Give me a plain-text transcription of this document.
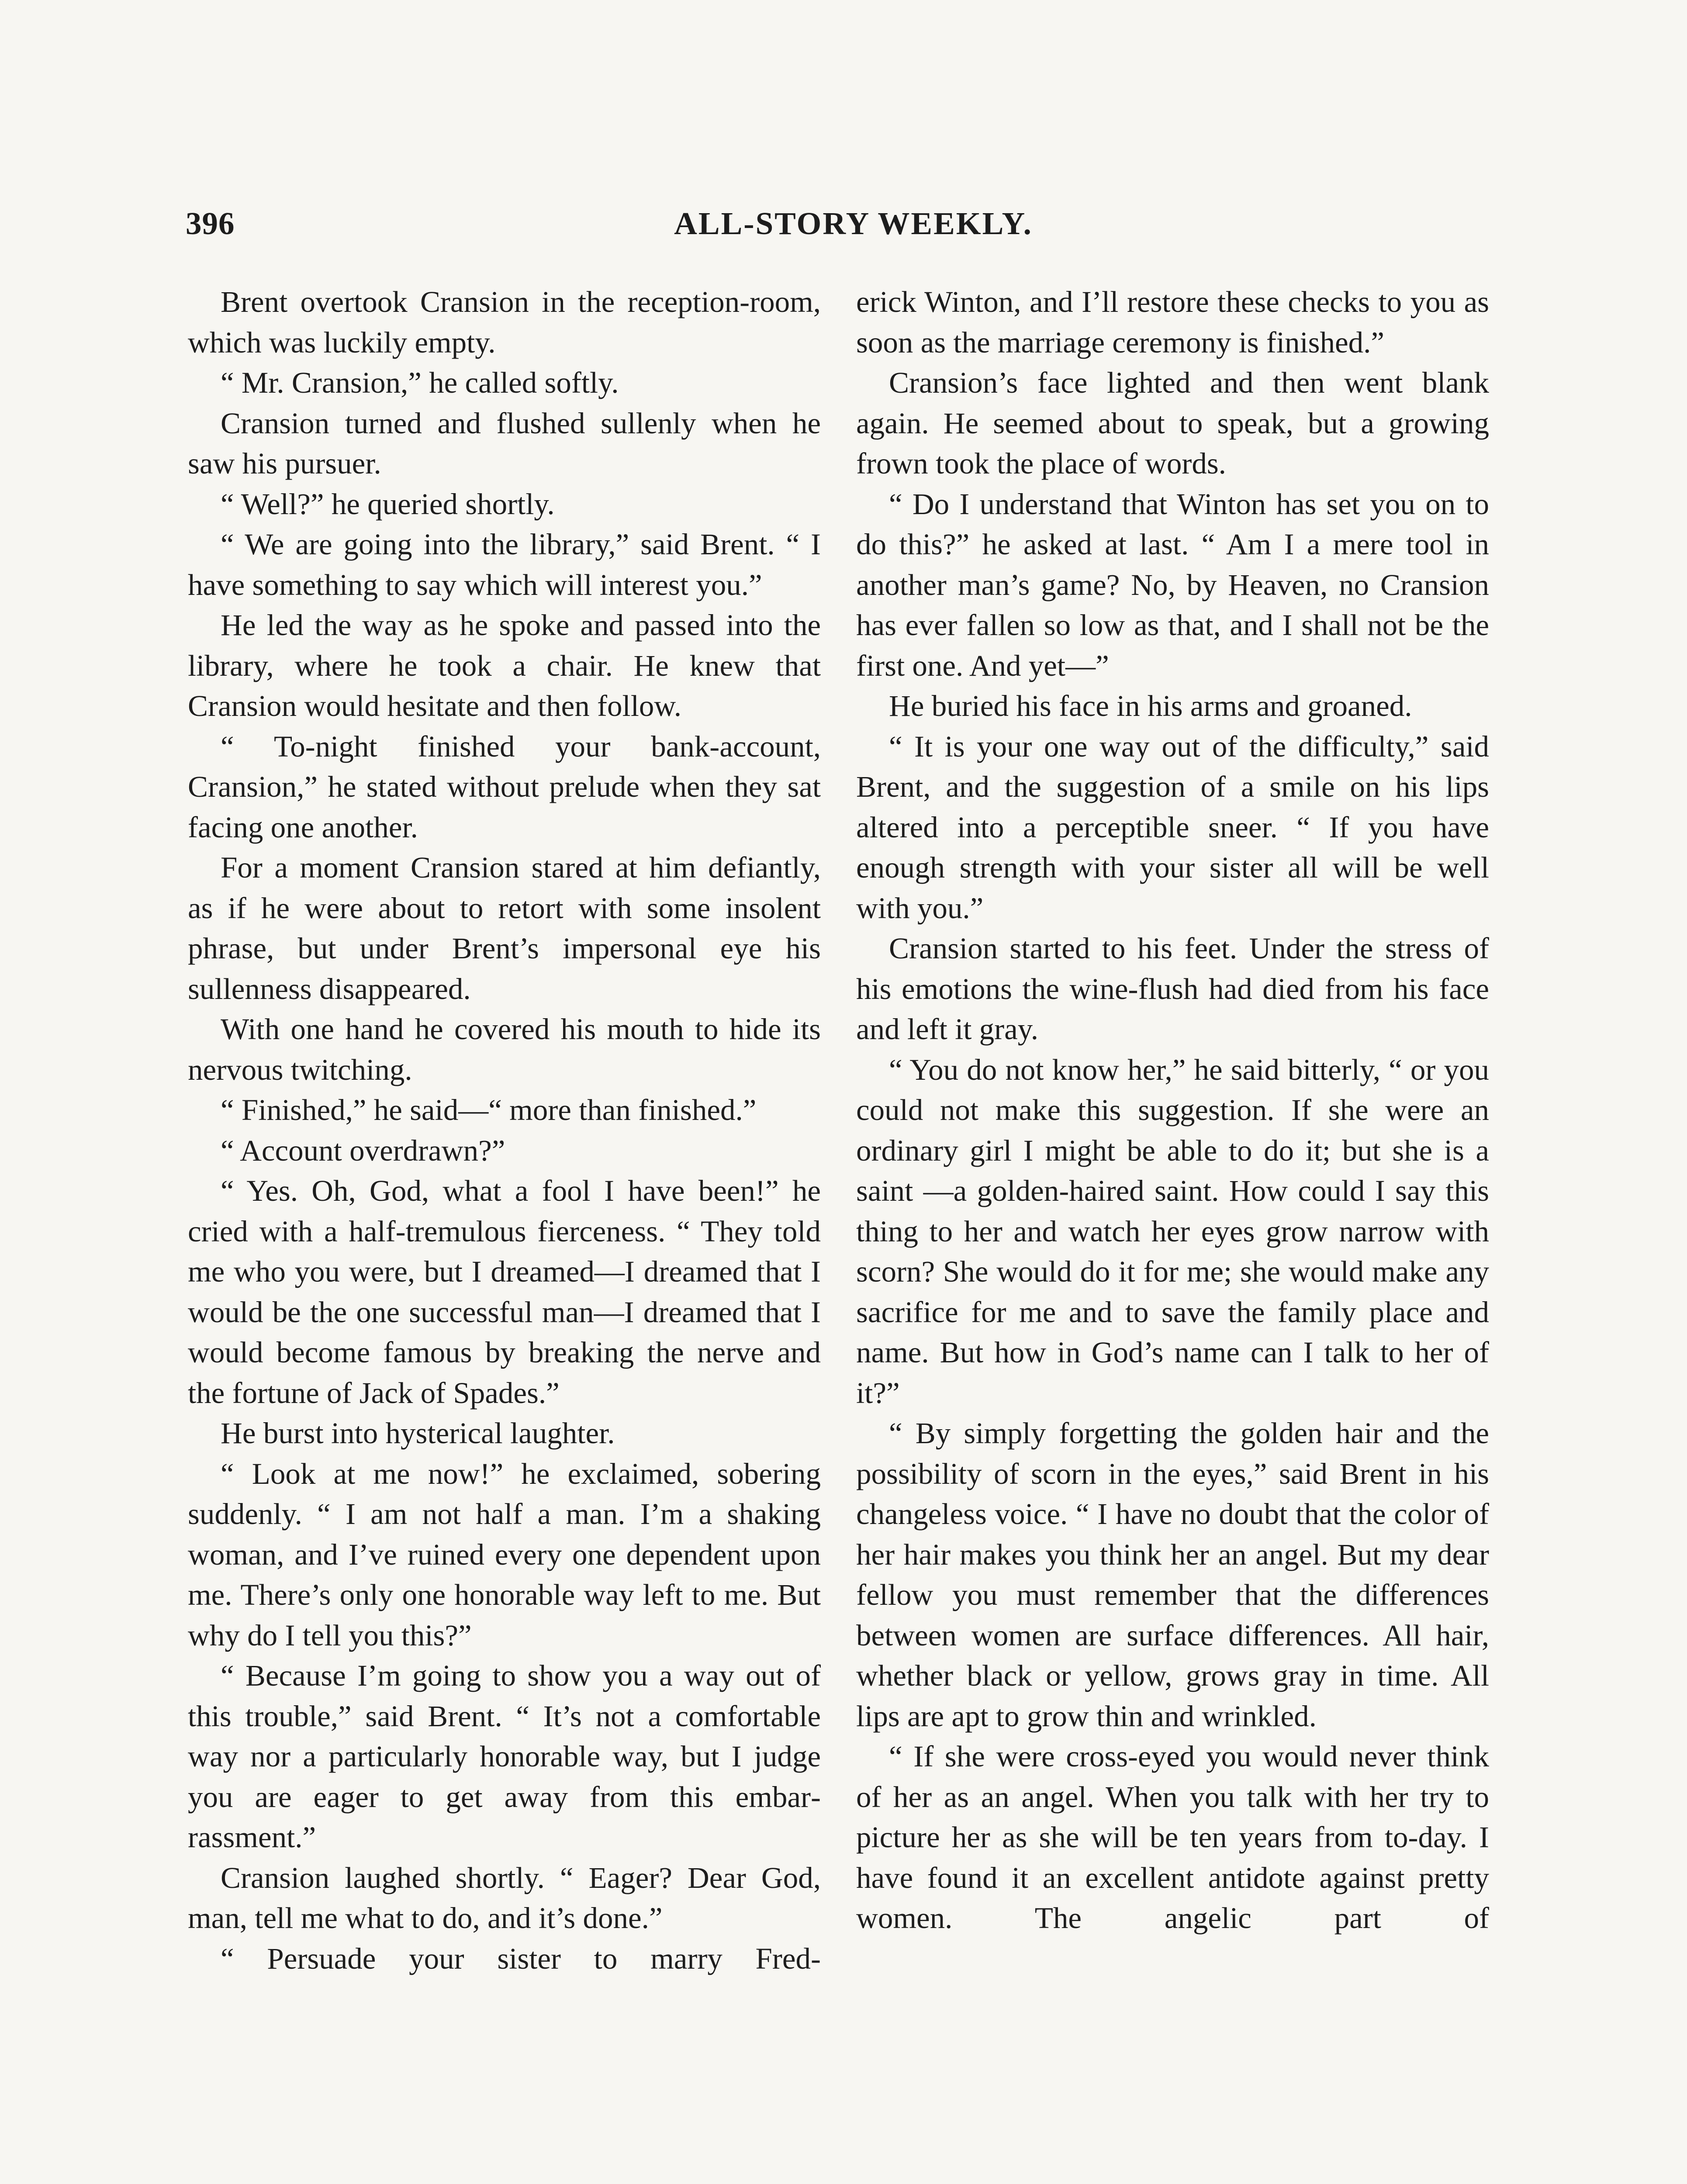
396	ALL-STORY WEEKLY.

Brent overtook Cransion in the reception-room, which was luckily empty.

“ Mr. Cransion,” he called softly.

Cransion turned and flushed sullenly when he saw his pursuer.

“ Well?” he queried shortly.

“ We are going into the library,” said Brent. “ I have something to say which will interest you.”

He led the way as he spoke and passed into the library, where he took a chair. He knew that Cransion would hesitate and then follow.

“ To-night finished your bank-account, Cransion,” he stated without prelude when they sat facing one another.

For a moment Cransion stared at him defiantly, as if he were about to retort with some insolent phrase, but under Brent’s impersonal eye his sullenness disappeared.

With one hand he covered his mouth to hide its nervous twitching.

“ Finished,” he said—“ more than finished.”

“ Account overdrawn?”

“ Yes. Oh, God, what a fool I have been!” he cried with a half-tremulous fierceness. “ They told me who you were, but I dreamed—I dreamed that I would be the one successful man—I dreamed that I would become famous by breaking the nerve and the fortune of Jack of Spades.”

He burst into hysterical laughter.

“ Look at me now!” he exclaimed, sobering suddenly. “ I am not half a man. I’m a shaking woman, and I’ve ruined every one dependent upon me. There’s only one honorable way left to me. But why do I tell you this?”

“ Because I’m going to show you a way out of this trouble,” said Brent. “ It’s not a comfortable way nor a particularly honorable way, but I judge you are eager to get away from this embarrassment.”

Cransion laughed shortly. “ Eager? Dear God, man, tell me what to do, and it’s done.”

“ Persuade your sister to marry Fred-

erick Winton, and I’ll restore these checks to you as soon as the marriage ceremony is finished.”

Cransion’s face lighted and then went blank again. He seemed about to speak, but a growing frown took the place of words.

“ Do I understand that Winton has set you on to do this?” he asked at last. “ Am I a mere tool in another man’s game? No, by Heaven, no Cransion has ever fallen so low as that, and I shall not be the first one. And yet—”

He buried his face in his arms and groaned.

“ It is your one way out of the difficulty,” said Brent, and the suggestion of a smile on his lips altered into a perceptible sneer. “ If you have enough strength with your sister all will be well with you.”

Cransion started to his feet. Under the stress of his emotions the wine-flush had died from his face and left it gray.

“ You do not know her,” he said bitterly, “ or you could not make this suggestion. If she were an ordinary girl I might be able to do it; but she is a saint —a golden-haired saint. How could I say this thing to her and watch her eyes grow narrow with scorn? She would do it for me; she would make any sacrifice for me and to save the family place and name. But how in God’s name can I talk to her of it?”

“ By simply forgetting the golden hair and the possibility of scorn in the eyes,” said Brent in his changeless voice. “ I have no doubt that the color of her hair makes you think her an angel. But my dear fellow you must remember that the differences between women are surface differences. All hair, whether black or yellow, grows gray in time. All lips are apt to grow thin and wrinkled.

“ If she were cross-eyed you would never think of her as an angel. When you talk with her try to picture her as she will be ten years from to-day. I have found it an excellent antidote against pretty women. The angelic part of
